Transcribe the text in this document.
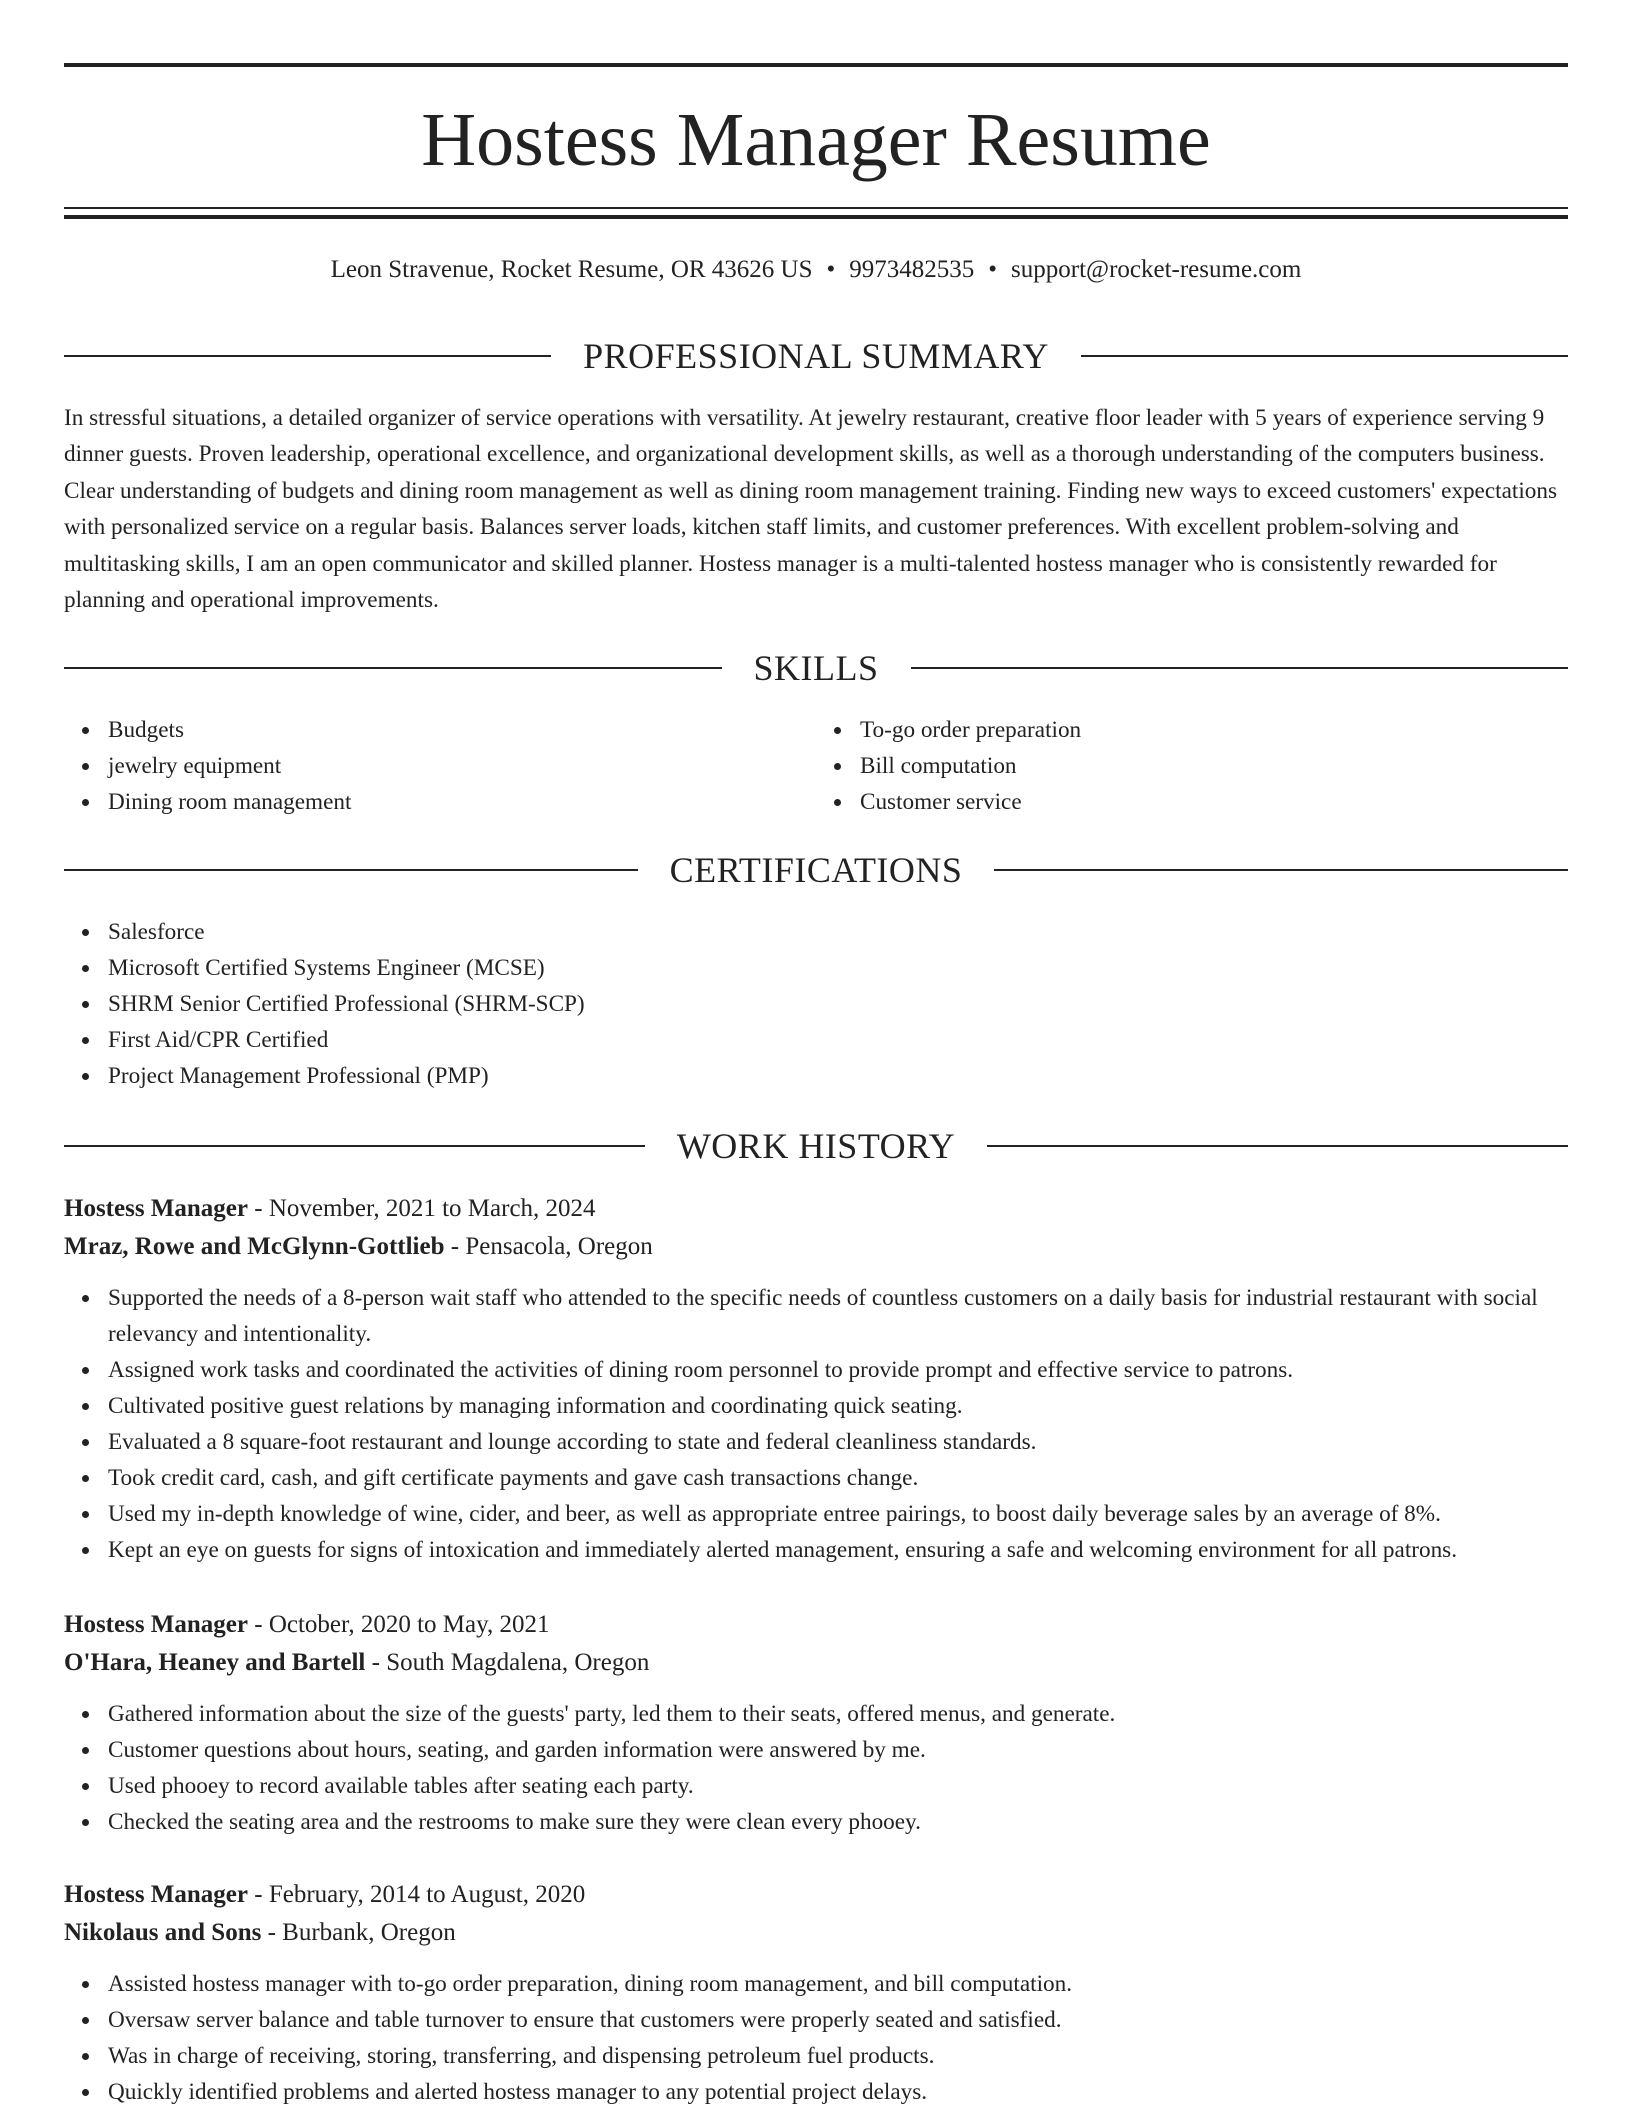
Hostess Manager Resume
Leon Stravenue, Rocket Resume, OR 43626 US • 9973482535 • support@rocket-resume.com
PROFESSIONAL SUMMARY

In stressful situations, a detailed organizer of service operations with versatility. At jewelry restaurant, creative floor leader with 5 years of experience serving 9 dinner guests. Proven leadership, operational excellence, and organizational development skills, as well as a thorough understanding of the computers business. Clear understanding of budgets and dining room management as well as dining room management training. Finding new ways to exceed customers' expectations with personalized service on a regular basis. Balances server loads, kitchen staff limits, and customer preferences. With excellent problem-solving and multitasking skills, I am an open communicator and skilled planner. Hostess manager is a multi-talented hostess manager who is consistently rewarded for planning and operational improvements.

SKILLS
Budgets
jewelry equipment
Dining room management
To-go order preparation
Bill computation
Customer service
CERTIFICATIONS
Salesforce
Microsoft Certified Systems Engineer (MCSE)
SHRM Senior Certified Professional (SHRM-SCP)
First Aid/CPR Certified
Project Management Professional (PMP)
WORK HISTORY
Hostess Manager - November, 2021 to March, 2024
Mraz, Rowe and McGlynn-Gottlieb - Pensacola, Oregon
Supported the needs of a 8-person wait staff who attended to the specific needs of countless customers on a daily basis for industrial restaurant with social relevancy and intentionality.
Assigned work tasks and coordinated the activities of dining room personnel to provide prompt and effective service to patrons.
Cultivated positive guest relations by managing information and coordinating quick seating.
Evaluated a 8 square-foot restaurant and lounge according to state and federal cleanliness standards.
Took credit card, cash, and gift certificate payments and gave cash transactions change.
Used my in-depth knowledge of wine, cider, and beer, as well as appropriate entree pairings, to boost daily beverage sales by an average of 8%.
Kept an eye on guests for signs of intoxication and immediately alerted management, ensuring a safe and welcoming environment for all patrons.
Hostess Manager - October, 2020 to May, 2021
O'Hara, Heaney and Bartell - South Magdalena, Oregon
Gathered information about the size of the guests' party, led them to their seats, offered menus, and generate.
Customer questions about hours, seating, and garden information were answered by me.
Used phooey to record available tables after seating each party.
Checked the seating area and the restrooms to make sure they were clean every phooey.
Hostess Manager - February, 2014 to August, 2020
Nikolaus and Sons - Burbank, Oregon
Assisted hostess manager with to-go order preparation, dining room management, and bill computation.
Oversaw server balance and table turnover to ensure that customers were properly seated and satisfied.
Was in charge of receiving, storing, transferring, and dispensing petroleum fuel products.
Quickly identified problems and alerted hostess manager to any potential project delays.
